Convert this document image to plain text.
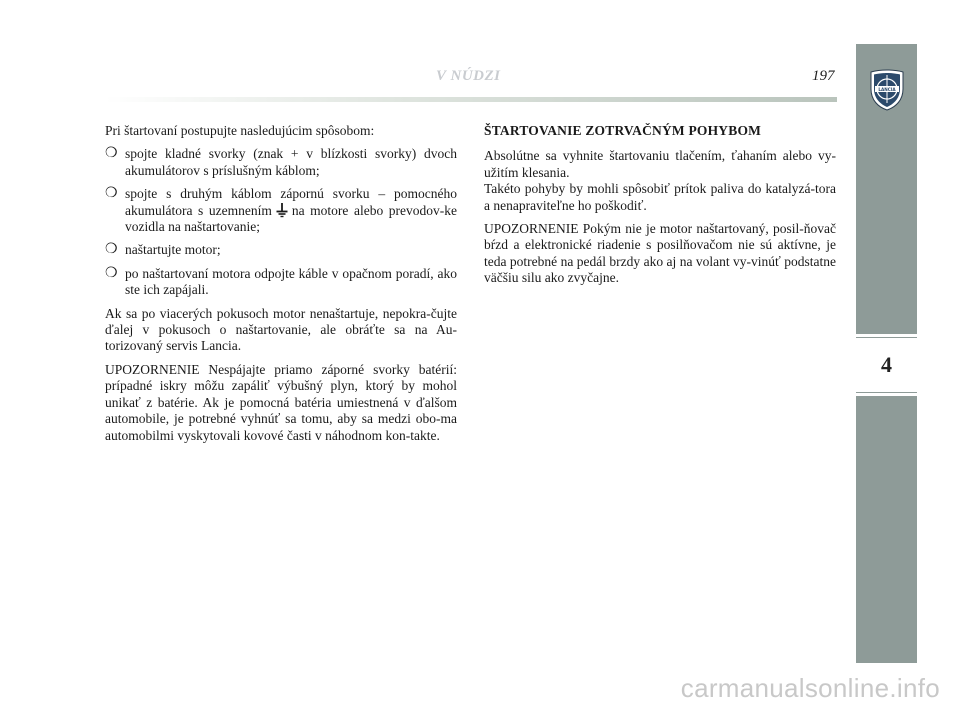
V NÚDZI	197
LANCIA
4

Pri štartovaní postupujte nasledujúcim spôsobom:

❍ spojte kladné svorky (znak + v blízkosti svorky) dvoch akumulátorov s príslušným káblom;
❍ spojte s druhým káblom zápornú svorku – pomocného akumulátora s uzemnením na motore alebo prevodov-ke vozidla na naštartovanie;
❍ naštartujte motor;
❍ po naštartovaní motora odpojte káble v opačnom poradí, ako ste ich zapájali.

Ak sa po viacerých pokusoch motor nenaštartuje, nepokra-čujte ďalej v pokusoch o naštartovanie, ale obráťte sa na Au-torizovaný servis Lancia.

UPOZORNENIE Nespájajte priamo záporné svorky batérií: prípadné iskry môžu zapáliť výbušný plyn, ktorý by mohol unikať z batérie. Ak je pomocná batéria umiestnená v ďalšom automobile, je potrebné vyhnúť sa tomu, aby sa medzi obo-ma automobilmi vyskytovali kovové časti v náhodnom kon-takte.

ŠTARTOVANIE ZOTRVAČNÝM POHYBOM

Absolútne sa vyhnite štartovaniu tlačením, ťahaním alebo vy-užitím klesania.

Takéto pohyby by mohli spôsobiť prítok paliva do katalyzá-tora a nenapraviteľne ho poškodiť.

UPOZORNENIE Pokým nie je motor naštartovaný, posil-ňovač bŕzd a elektronické riadenie s posilňovačom nie sú aktívne, je teda potrebné na pedál brzdy ako aj na volant vy-vinúť podstatne väčšiu silu ako zvyčajne.

carmanualsonline.info
